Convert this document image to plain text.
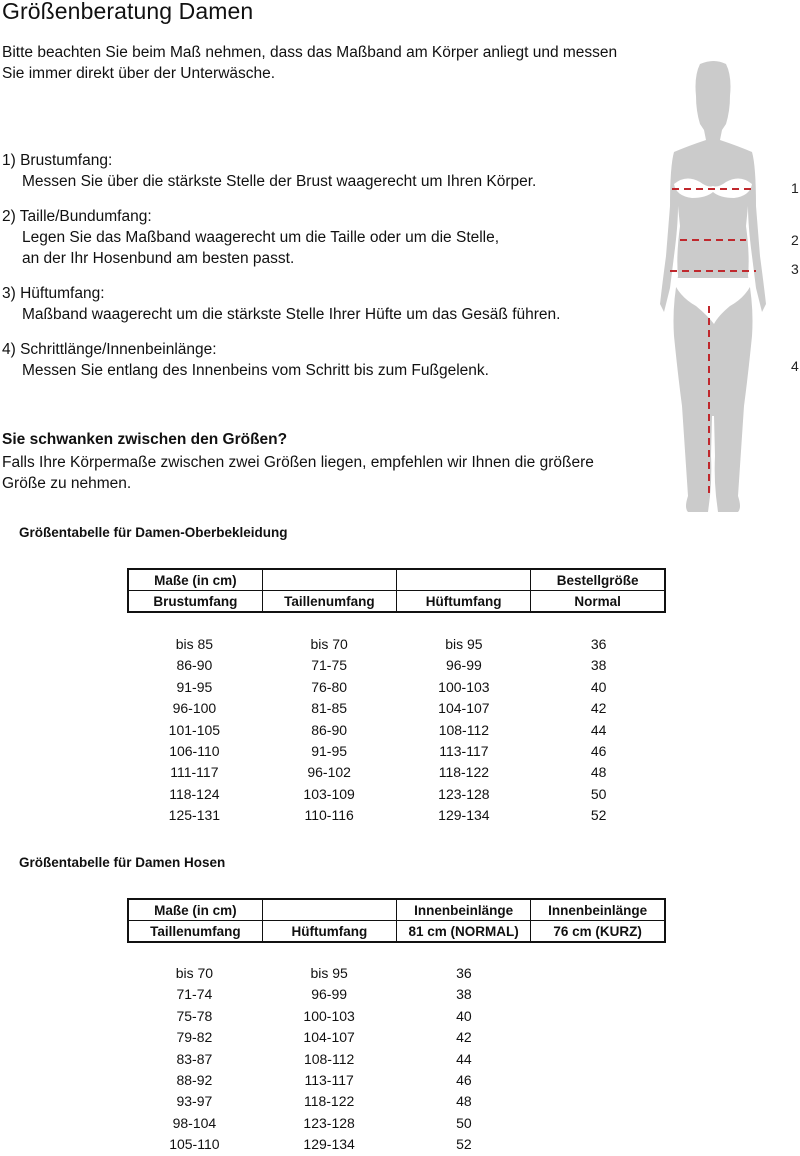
Größenberatung Damen

Bitte beachten Sie beim Maß nehmen, dass das Maßband am Körper anliegt und messen Sie immer direkt über der Unterwäsche.

1) Brustumfang:
Messen Sie über die stärkste Stelle der Brust waagerecht um Ihren Körper.
2) Taille/Bundumfang:
Legen Sie das Maßband waagerecht um die Taille oder um die Stelle,
an der Ihr Hosenbund am besten passt.
3) Hüftumfang:
Maßband waagerecht um die stärkste Stelle Ihrer Hüfte um das Gesäß führen.
4) Schrittlänge/Innenbeinlänge:
Messen Sie entlang des Innenbeins vom Schritt bis zum Fußgelenk.
1
2
3
4
Sie schwanken zwischen den Größen?

Falls Ihre Körpermaße zwischen zwei Größen liegen, empfehlen wir Ihnen die größere Größe zu nehmen.

Größentabelle für Damen-Oberbekleidung
Maße (in cm)			Bestellgröße
Brustumfang	Taillenumfang	Hüftumfang	Normal
bis 85	bis 70	bis 95	36
86-90	71-75	96-99	38
91-95	76-80	100-103	40
96-100	81-85	104-107	42
101-105	86-90	108-112	44
106-110	91-95	113-117	46
111-117	96-102	118-122	48
118-124	103-109	123-128	50
125-131	110-116	129-134	52
Größentabelle für Damen Hosen
Maße (in cm)		Innenbeinlänge	Innenbeinlänge
Taillenumfang	Hüftumfang	81 cm (NORMAL)	76 cm (KURZ)
bis 70	bis 95	36
71-74	96-99	38
75-78	100-103	40
79-82	104-107	42
83-87	108-112	44
88-92	113-117	46
93-97	118-122	48
98-104	123-128	50
105-110	129-134	52
